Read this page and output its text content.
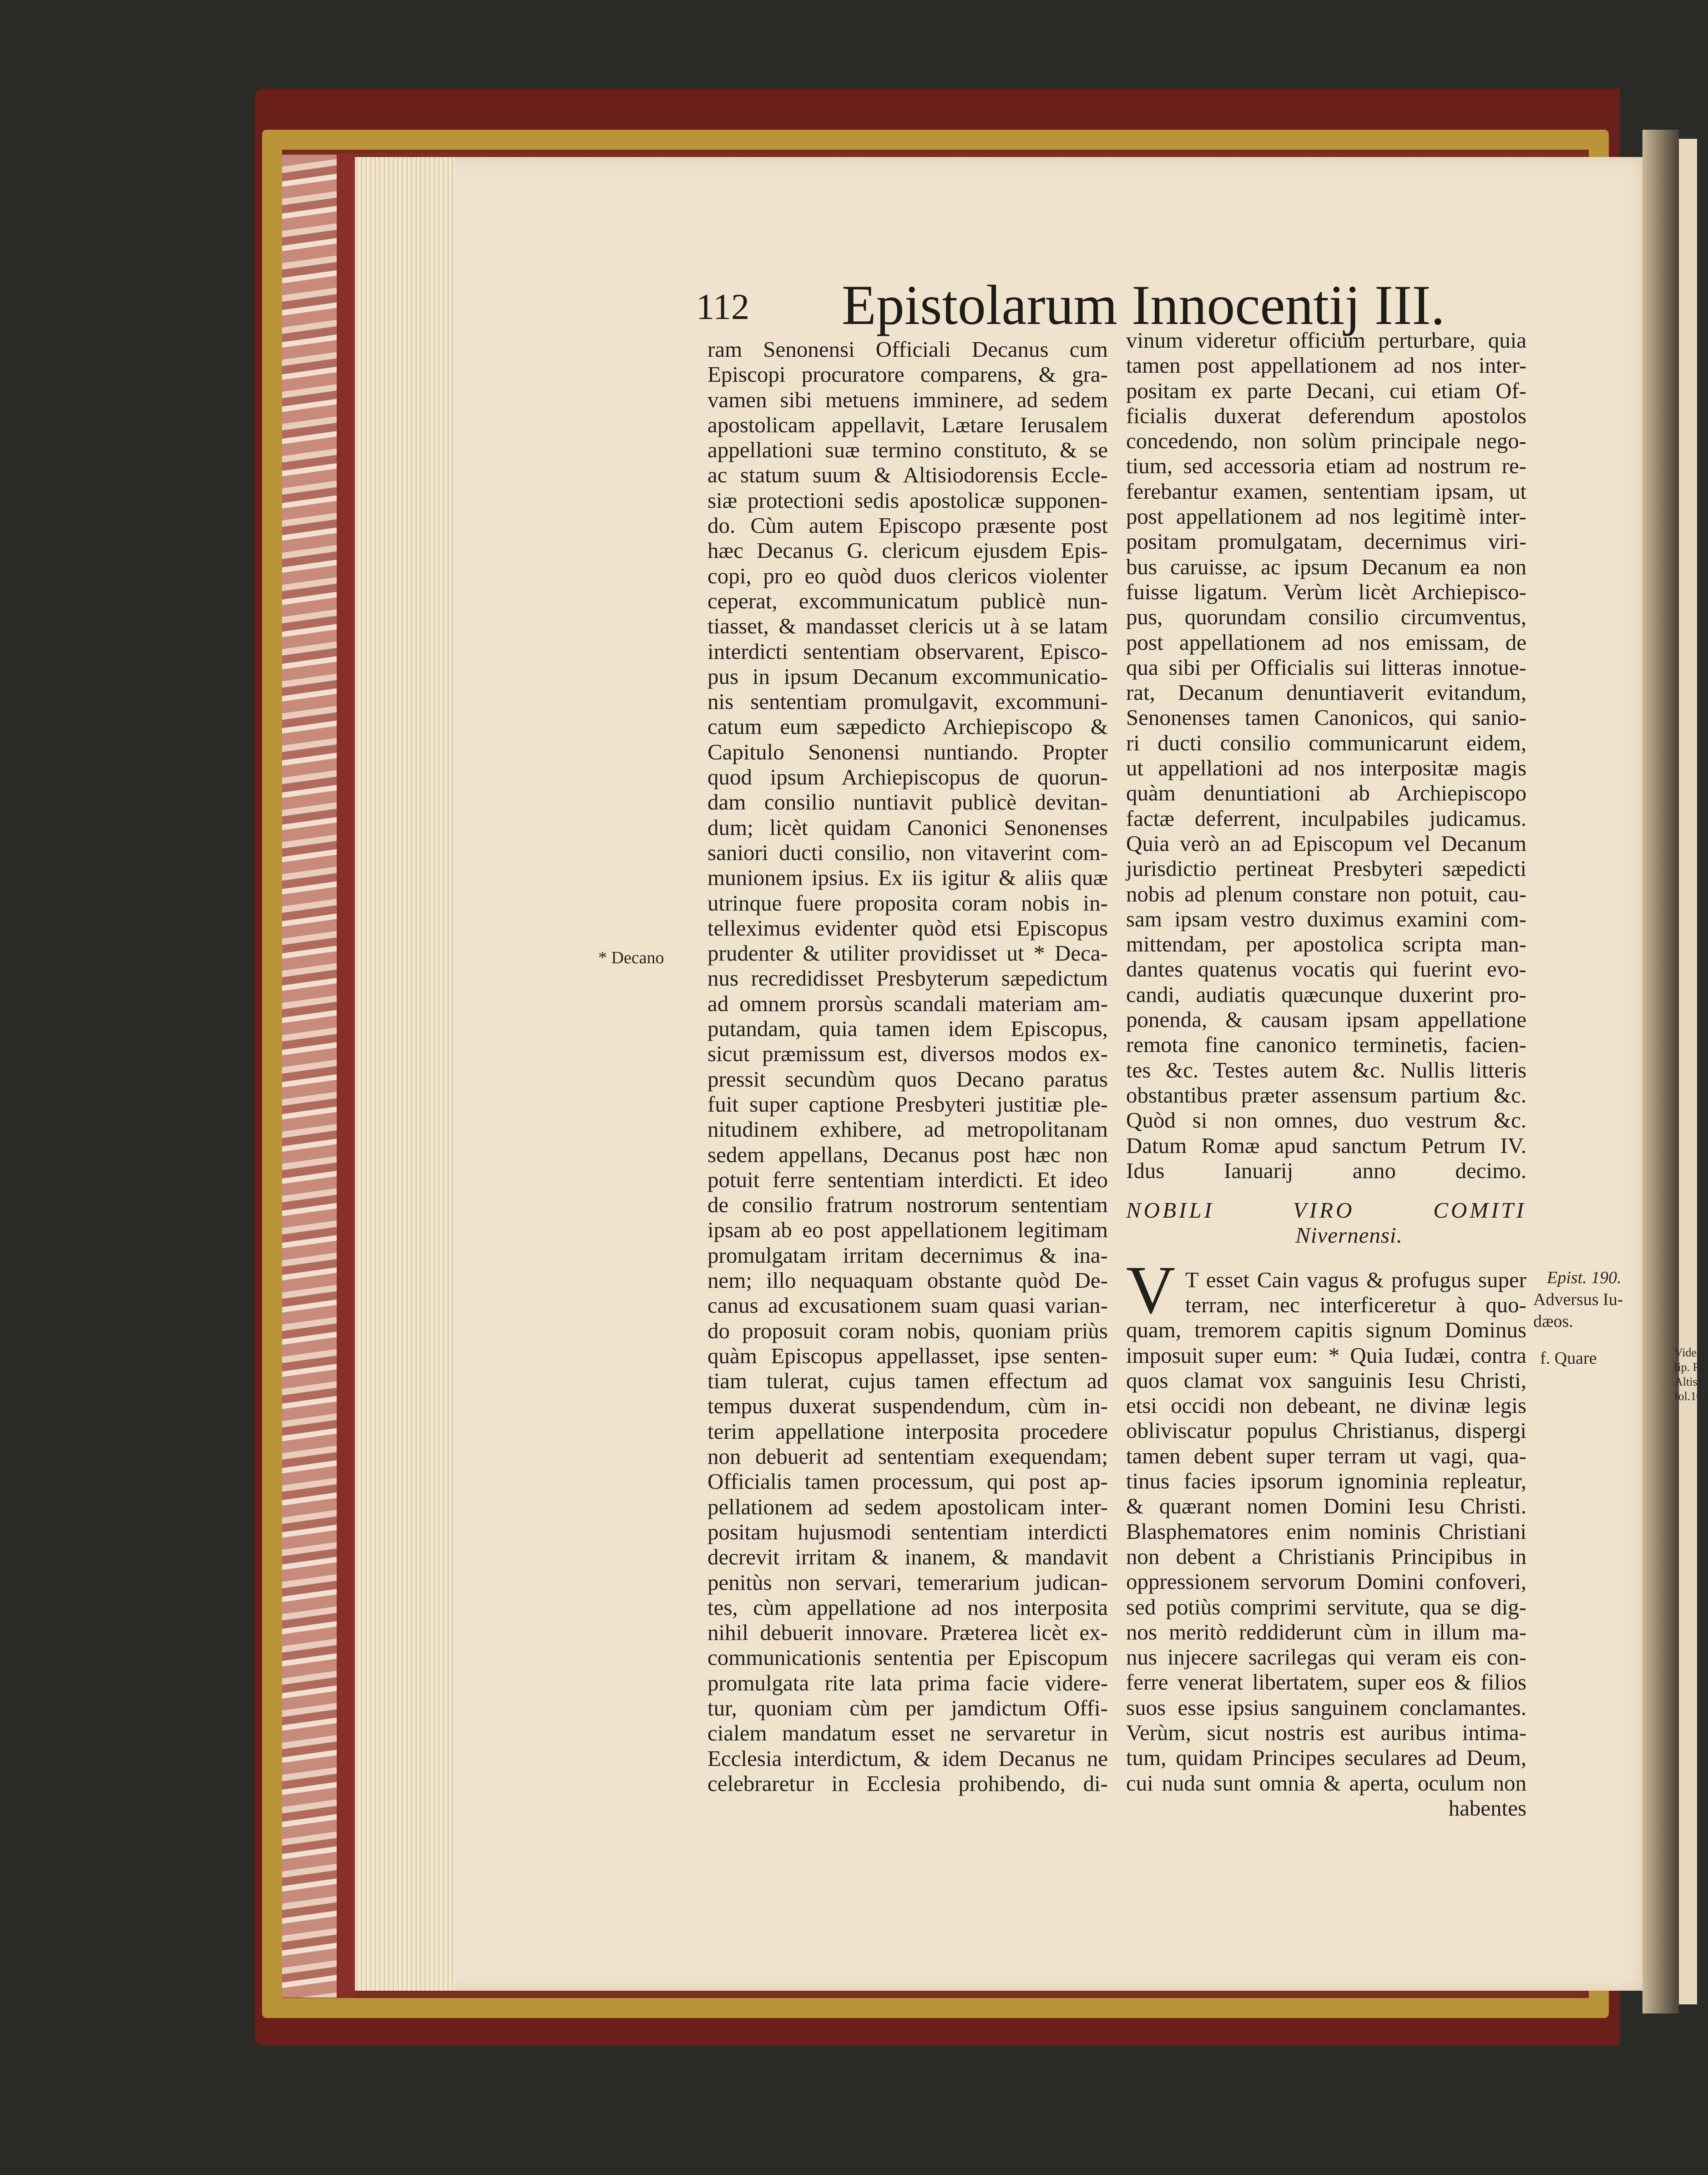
112 Epistolarum Innocentij III.
ram Senonensi Officiali Decanus cum
Episcopi procuratore comparens, & gra-
vamen sibi metuens imminere, ad sedem
apostolicam appellavit, Lætare Ierusalem
appellationi suæ termino constituto, & se
ac statum suum & Altisiodorensis Eccle-
siæ protectioni sedis apostolicæ supponen-
do. Cùm autem Episcopo præsente post
hæc Decanus G. clericum ejusdem Epis-
copi, pro eo quòd duos clericos violenter
ceperat, excommunicatum publicè nun-
tiasset, & mandasset clericis ut à se latam
interdicti sententiam observarent, Episco-
pus in ipsum Decanum excommunicatio-
nis sententiam promulgavit, excommuni-
catum eum sæpedicto Archiepiscopo &
Capitulo Senonensi nuntiando. Propter
quod ipsum Archiepiscopus de quorun-
dam consilio nuntiavit publicè devitan-
dum; licèt quidam Canonici Senonenses
saniori ducti consilio, non vitaverint com-
munionem ipsius. Ex iis igitur & aliis quæ
utrinque fuere proposita coram nobis in-
telleximus evidenter quòd etsi Episcopus
prudenter & utiliter providisset ut * Deca-
nus recredidisset Presbyterum sæpedictum
ad omnem prorsùs scandali materiam am-
putandam, quia tamen idem Episcopus,
sicut præmissum est, diversos modos ex-
pressit secundùm quos Decano paratus
fuit super captione Presbyteri justitiæ ple-
nitudinem exhibere, ad metropolitanam
sedem appellans, Decanus post hæc non
potuit ferre sententiam interdicti. Et ideo
de consilio fratrum nostrorum sententiam
ipsam ab eo post appellationem legitimam
promulgatam irritam decernimus & ina-
nem; illo nequaquam obstante quòd De-
canus ad excusationem suam quasi varian-
do proposuit coram nobis, quoniam priùs
quàm Episcopus appellasset, ipse senten-
tiam tulerat, cujus tamen effectum ad
tempus duxerat suspendendum, cùm in-
terim appellatione interposita procedere
non debuerit ad sententiam exequendam;
Officialis tamen processum, qui post ap-
pellationem ad sedem apostolicam inter-
positam hujusmodi sententiam interdicti
decrevit irritam & inanem, & mandavit
penitùs non servari, temerarium judican-
tes, cùm appellatione ad nos interposita
nihil debuerit innovare. Præterea licèt ex-
communicationis sententia per Episcopum
promulgata rite lata prima facie videre-
tur, quoniam cùm per jamdictum Offi-
cialem mandatum esset ne servaretur in
Ecclesia interdictum, & idem Decanus ne
celebraretur in Ecclesia prohibendo, di-
vinum videretur officium perturbare, quia
tamen post appellationem ad nos inter-
positam ex parte Decani, cui etiam Of-
ficialis duxerat deferendum apostolos
concedendo, non solùm principale nego-
tium, sed accessoria etiam ad nostrum re-
ferebantur examen, sententiam ipsam, ut
post appellationem ad nos legitimè inter-
positam promulgatam, decernimus viri-
bus caruisse, ac ipsum Decanum ea non
fuisse ligatum. Verùm licèt Archiepisco-
pus, quorundam consilio circumventus,
post appellationem ad nos emissam, de
qua sibi per Officialis sui litteras innotue-
rat, Decanum denuntiaverit evitandum,
Senonenses tamen Canonicos, qui sanio-
ri ducti consilio communicarunt eidem,
ut appellationi ad nos interpositæ magis
quàm denuntiationi ab Archiepiscopo
factæ deferrent, inculpabiles judicamus.
Quia verò an ad Episcopum vel Decanum
jurisdictio pertineat Presbyteri sæpedicti
nobis ad plenum constare non potuit, cau-
sam ipsam vestro duximus examini com-
mittendam, per apostolica scripta man-
dantes quatenus vocatis qui fuerint evo-
candi, audiatis quæcunque duxerint pro-
ponenda, & causam ipsam appellatione
remota fine canonico terminetis, facien-
tes &c. Testes autem &c. Nullis litteris
obstantibus præter assensum partium &c.
Quòd si non omnes, duo vestrum &c.
Datum Romæ apud sanctum Petrum IV.
Idus Ianuarij anno decimo.
NOBILI VIRO COMITI
Nivernensi.
T esset Cain vagus & profugus super
terram, nec interficeretur à quo-
quam, tremorem capitis signum Dominus
imposuit super eum: * Quia Iudæi, contra
quos clamat vox sanguinis Iesu Christi,
etsi occidi non debeant, ne divinæ legis
obliviscatur populus Christianus, dispergi
tamen debent super terram ut vagi, qua-
tinus facies ipsorum ignominia repleatur,
& quærant nomen Domini Iesu Christi.
Blasphematores enim nominis Christiani
non debent a Christianis Principibus in
oppressionem servorum Domini confoveri,
sed potiùs comprimi servitute, qua se dig-
nos meritò reddiderunt cùm in illum ma-
nus injecere sacrilegas qui veram eis con-
ferre venerat libertatem, super eos & filios
suos esse ipsius sanguinem conclamantes.
Verùm, sicut nostris est auribus intima-
tum, quidam Principes seculares ad Deum,
cui nuda sunt omnia & aperta, oculum non
habentes
V
* Decano
Epist. 190.
Adversus Iu-
dæos.
f. Quare	Vide c
lip. Ro
Altiss
fol.101
